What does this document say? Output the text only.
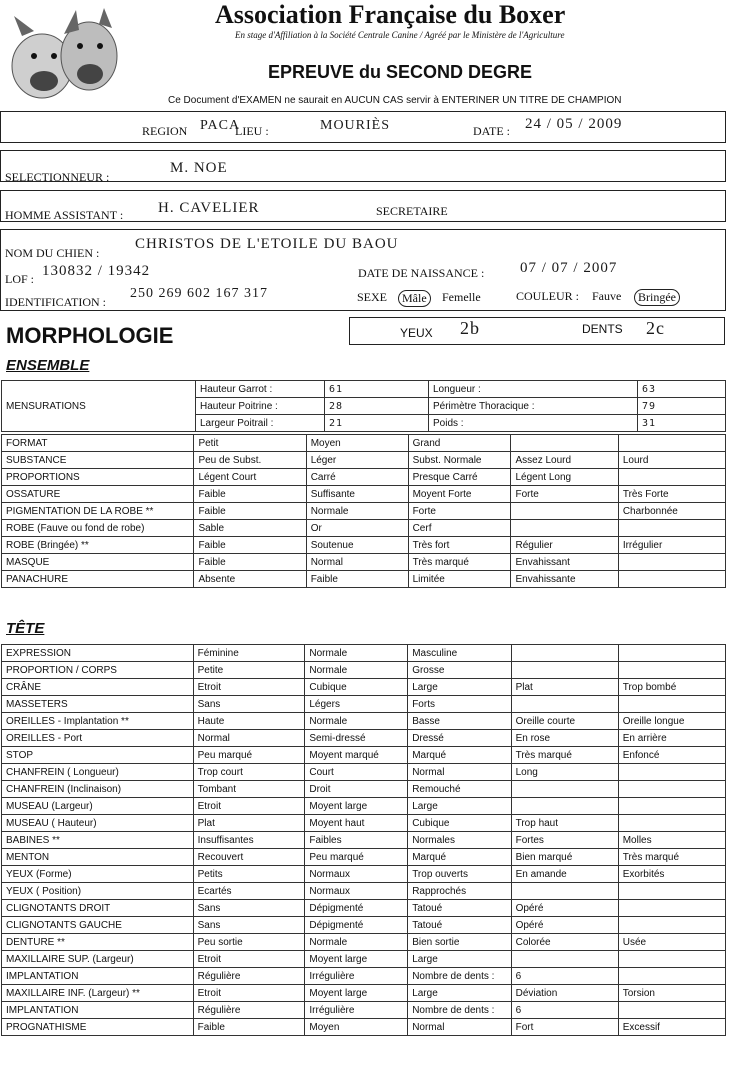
Association Française du Boxer
En stage d'Affiliation à la Société Centrale Canine / Agréé par le Ministère de l'Agriculture
EPREUVE du SECOND DEGRE
Ce Document d'EXAMEN ne saurait en AUCUN CAS servir à ENTERINER UN TITRE DE CHAMPION
REGION PACA
LIEU :	MOURIÈS	DATE : 24 / 05 / 2009
SELECTIONNEUR :
M. NOE
HOMME ASSISTANT : H. CAVELIER	SECRETAIRE
NOM DU CHIEN :
CHRISTOS DE L'ETOILE DU BAOU
LOF : 130832 / 19342	DATE DE NAISSANCE : 07 / 07 / 2007
IDENTIFICATION :
250 269 602 167 317	SEXE	Mâle	Femelle	COULEUR : Fauve	Bringée
MORPHOLOGIE	YEUX 2b	DENTS 2c
ENSEMBLE
MENSURATIONS	Hauteur Garrot :	61	Longueur :	63
	Hauteur Poitrine :	28	Périmètre Thoracique :	79
	Largeur Poitrail :	21	Poids :	31
FORMAT	Petit	Moyen	Grand		
SUBSTANCE	Peu de Subst.	Léger	Subst. Normale	Assez Lourd	Lourd
PROPORTIONS	Légent Court	Carré	Presque Carré	Légent Long	
OSSATURE	Faible	Suffisante	Moyent Forte	Forte	Très Forte
PIGMENTATION DE LA ROBE **	Faible	Normale	Forte		Charbonnée
ROBE (Fauve ou fond de robe)	Sable	Or	Cerf		
ROBE (Bringée) **	Faible	Soutenue	Très fort	Régulier	Irrégulier
MASQUE	Faible	Normal	Très marqué	Envahissant	
PANACHURE	Absente	Faible	Limitée	Envahissante	
TÊTE
EXPRESSION	Féminine	Normale	Masculine		
PROPORTION / CORPS	Petite	Normale	Grosse		
CRÂNE	Etroit	Cubique	Large	Plat	Trop bombé
MASSETERS	Sans	Légers	Forts		
OREILLES - Implantation **	Haute	Normale	Basse	Oreille courte	Oreille longue
OREILLES - Port	Normal	Semi-dressé	Dressé	En rose	En arrière
STOP	Peu marqué	Moyent marqué	Marqué	Très marqué	Enfoncé
CHANFREIN ( Longueur)	Trop court	Court	Normal	Long	
CHANFREIN (Inclinaison)	Tombant	Droit	Remouché		
MUSEAU (Largeur)	Etroit	Moyent large	Large		
MUSEAU ( Hauteur)	Plat	Moyent haut	Cubique	Trop haut	
BABINES **	Insuffisantes	Faibles	Normales	Fortes	Molles
MENTON	Recouvert	Peu marqué	Marqué	Bien marqué	Très marqué
YEUX (Forme)	Petits	Normaux	Trop ouverts	En amande	Exorbités
YEUX ( Position)	Ecartés	Normaux	Rapprochés		
CLIGNOTANTS DROIT	Sans	Dépigmenté	Tatoué	Opéré	
CLIGNOTANTS GAUCHE	Sans	Dépigmenté	Tatoué	Opéré	
DENTURE **	Peu sortie	Normale	Bien sortie	Colorée	Usée
MAXILLAIRE SUP. (Largeur)	Etroit	Moyent large	Large		
IMPLANTATION	Régulière	Irrégulière	Nombre de dents :	6	
MAXILLAIRE INF. (Largeur) **	Etroit	Moyent large	Large	Déviation	Torsion
IMPLANTATION	Régulière	Irrégulière	Nombre de dents :	6	
PROGNATHISME	Faible	Moyen	Normal	Fort	Excessif
